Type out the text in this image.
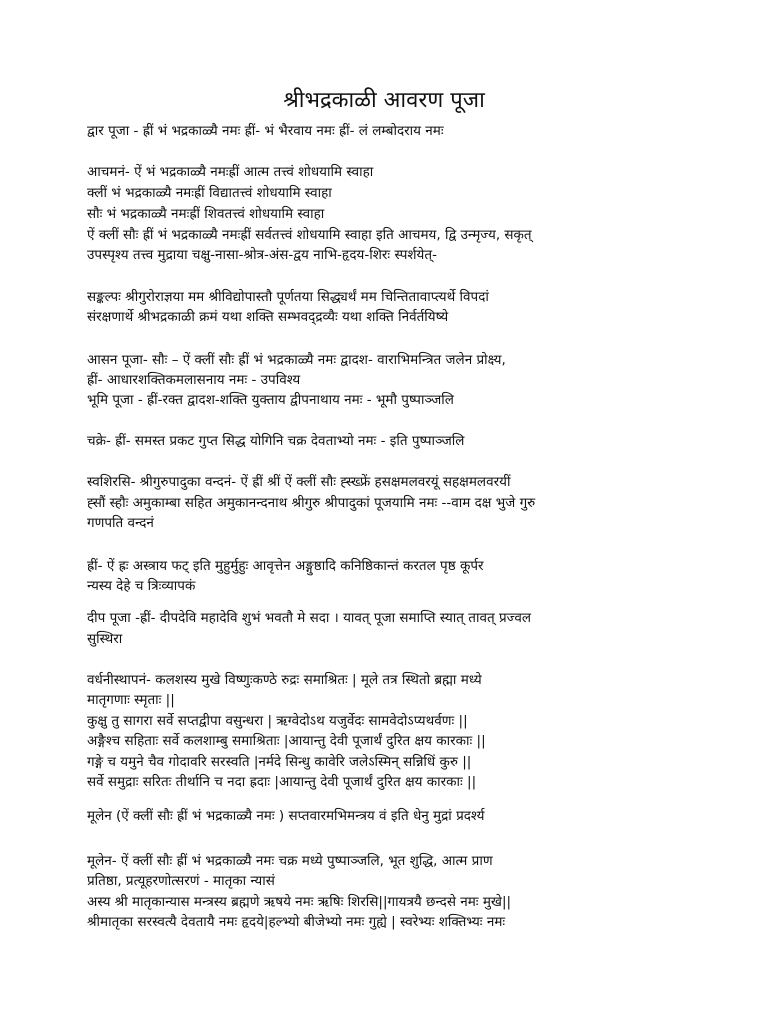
श्रीभद्रकाळी आवरण पूजा
द्वार पूजा - ह्रीं भं भद्रकाळ्यै नमः ह्रीं- भं भैरवाय नमः ह्रीं- लं लम्बोदराय नमः
आचमनं- ऐं भं भद्रकाळ्यै नमःह्रीं आत्म तत्त्वं शोधयामि स्वाहा
क्लीं भं भद्रकाळ्यै नमःह्रीं विद्यातत्त्वं शोधयामि स्वाहा
सौः भं भद्रकाळ्यै नमःह्रीं शिवतत्त्वं शोधयामि स्वाहा
ऐं क्लीं सौः ह्रीं भं भद्रकाळ्यै नमःह्रीं सर्वतत्त्वं शोधयामि स्वाहा इति आचमय, द्वि उन्मृज्य, सकृत्
उपस्पृश्य तत्त्व मुद्राया चक्षु-नासा-श्रोत्र-अंस-द्वय नाभि-हृदय-शिरः स्पर्शयेत्-
सङ्कल्पः श्रीगुरोराज्ञया मम श्रीविद्योपास्तौ पूर्णतया सिद्ध्यर्थं मम चिन्तितावाप्त्यर्थे विपदां
संरक्षणार्थे श्रीभद्रकाळी क्रमं यथा शक्ति सम्भवद्द्रव्यैः यथा शक्ति निर्वर्तयिष्ये
आसन पूजा- सौः – ऐं क्लीं सौः ह्रीं भं भद्रकाळ्यै नमः द्वादश- वाराभिमन्त्रित जलेन प्रोक्ष्य,
ह्रीं- आधारशक्तिकमलासनाय नमः - उपविश्य
भूमि पूजा - ह्रीं-रक्त द्वादश-शक्ति युक्ताय द्वीपनाथाय नमः - भूमौ पुष्पाञ्जलि
चक्रे- ह्रीं- समस्त प्रकट गुप्त सिद्ध योगिनि चक्र देवताभ्यो नमः - इति पुष्पाञ्जलि
स्वशिरसि- श्रीगुरुपादुका वन्दनं- ऐं ह्रीं श्रीं ऐं क्लीं सौः ह्स्ख्फ्रें हसक्षमलवरयूं सहक्षमलवरयीं
ह्सौं स्हौः अमुकाम्बा सहित अमुकानन्दनाथ श्रीगुरु श्रीपादुकां पूजयामि नमः --वाम दक्ष भुजे गुरु
गणपति वन्दनं
ह्रीं- ऐं ह्रः अस्त्राय फट् इति मुहुर्मुहुः आवृत्तेन अङ्गुष्ठादि कनिष्ठिकान्तं करतल पृष्ठ कूर्पर
न्यस्य देहे च त्रिःव्यापकं
दीप पूजा -ह्रीं- दीपदेवि महादेवि शुभं भवतौ मे सदा । यावत् पूजा समाप्ति स्यात् तावत् प्रज्वल
सुस्थिरा
वर्धनीस्थापनं- कलशस्य मुखे विष्णुःकण्ठे रुद्रः समाश्रितः | मूले तत्र स्थितो ब्रह्मा मध्ये
मातृगणाः स्मृताः ||
कुक्षु तु सागरा सर्वे सप्तद्वीपा वसुन्धरा | ऋग्वेदोऽथ यजुर्वेदः सामवेदोऽप्यथर्वणः ||
अङ्गैश्च सहिताः सर्वे कलशाम्बु समाश्रिताः |आयान्तु देवी पूजार्थं दुरित क्षय कारकाः ||
गङ्गे च यमुने चैव गोदावरि सरस्वति |नर्मदे सिन्धु कावेरि जलेऽस्मिन् सन्निधिं कुरु ||
सर्वे समुद्राः सरितः तीर्थानि च नदा ह्रदाः |आयान्तु देवी पूजार्थं दुरित क्षय कारकाः ||
मूलेन (ऐं क्लीं सौः ह्रीं भं भद्रकाळ्यै नमः ) सप्तवारमभिमन्त्रय वं इति धेनु मुद्रां प्रदर्श्य
मूलेन- ऐं क्लीं सौः ह्रीं भं भद्रकाळ्यै नमः चक्र मध्ये पुष्पाञ्जलि, भूत शुद्धि, आत्म प्राण
प्रतिष्ठा, प्रत्यूहरणोत्सरणं - मातृका न्यासं
अस्य श्री मातृकान्यास मन्त्रस्य ब्रह्मणे ऋषये नमः ऋषिः शिरसि||गायत्रयै छन्दसे नमः मुखे||
श्रीमातृका सरस्वत्यै देवतायै नमः हृदये|हल्भ्यो बीजेभ्यो नमः गुह्ये | स्वरेभ्यः शक्तिभ्यः नमः
